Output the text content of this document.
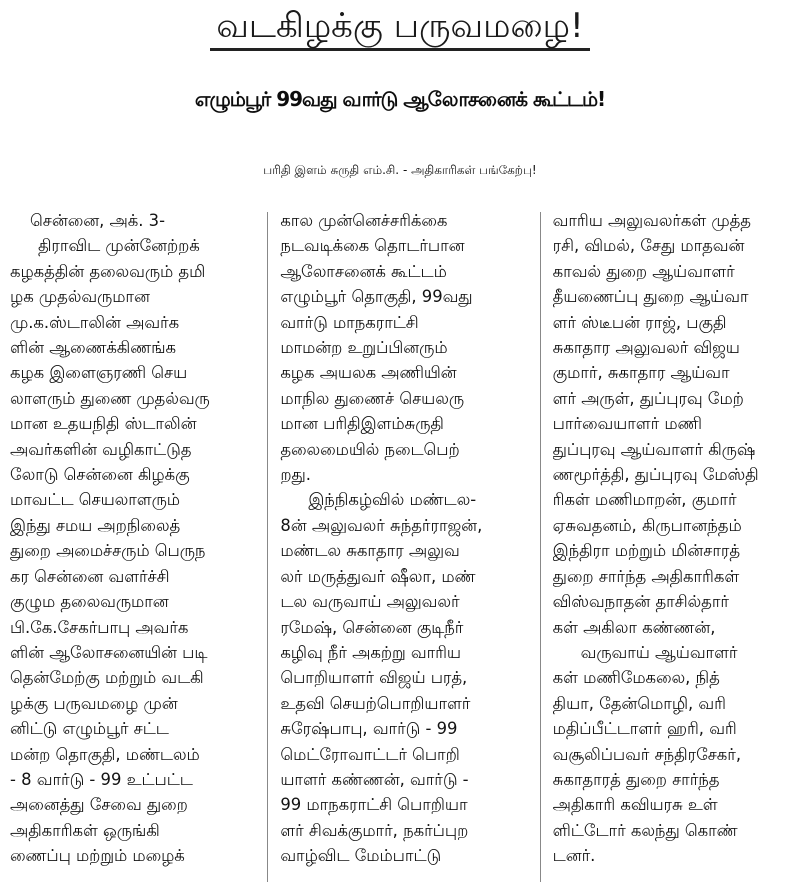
வடகிழக்கு பருவமழை!
எழும்பூர் 99வது வார்டு ஆலோசனைக் கூட்டம்!
பரிதி இளம் சுருதி எம்.சி. - அதிகாரிகள் பங்கேற்பு!
சென்னை, அக். 3-
திராவிட முன்னேற்றக்
கழகத்தின் தலைவரும் தமி
ழக முதல்வருமான
மு.க.ஸ்டாலின் அவர்க
ளின் ஆணைக்கிணங்க
கழக இளைஞரணி செய
லாளரும் துணை முதல்வரு
மான உதயநிதி ஸ்டாலின்
அவர்களின் வழிகாட்டுத
லோடு சென்னை கிழக்கு
மாவட்ட செயலாளரும்
இந்து சமய அறநிலைத்
துறை அமைச்சரும் பெருந
கர சென்னை வளர்ச்சி
குழும தலைவருமான
பி.கே.சேகர்பாபு அவர்க
ளின் ஆலோசனையின் படி
தென்மேற்கு மற்றும் வடகி
ழக்கு பருவமழை முன்
னிட்டு எழும்பூர் சட்ட
மன்ற தொகுதி, மண்டலம்
- 8 வார்டு - 99 உட்பட்ட
அனைத்து சேவை துறை
அதிகாரிகள் ஒருங்கி
ணைப்பு மற்றும் மழைக்
கால முன்னெச்சரிக்கை
நடவடிக்கை தொடர்பான
ஆலோசனைக் கூட்டம்
எழும்பூர் தொகுதி, 99வது
வார்டு மாநகராட்சி
மாமன்ற உறுப்பினரும்
கழக அயலக அணியின்
மாநில துணைச் செயலரு
மான பரிதிஇளம்சுருதி
தலைமையில் நடைபெற்
றது.
இந்நிகழ்வில் மண்டல-
8ன் அலுவலர் சுந்தர்ராஜன்,
மண்டல சுகாதார அலுவ
லர் மருத்துவர் ஷீலா, மண்
டல வருவாய் அலுவலர்
ரமேஷ், சென்னை குடிநீர்
கழிவு நீர் அகற்று வாரிய
பொறியாளர் விஜய் பரத்,
உதவி செயற்பொறியாளர்
சுரேஷ்பாபு, வார்டு - 99
மெட்ரோவாட்டர் பொறி
யாளர் கண்ணன், வார்டு -
99 மாநகராட்சி பொறியா
ளர் சிவக்குமார், நகர்ப்புற
வாழ்விட மேம்பாட்டு
வாரிய அலுவலர்கள் முத்த
ரசி, விமல், சேது மாதவன்
காவல் துறை ஆய்வாளர்
தீயணைப்பு துறை ஆய்வா
ளர் ஸ்டீபன் ராஜ், பகுதி
சுகாதார அலுவலர் விஜய
குமார், சுகாதார ஆய்வா
ளர் அருள், துப்புரவு மேற்
பார்வையாளர் மணி
துப்புரவு ஆய்வாளர் கிருஷ்
ணமூர்த்தி, துப்புரவு மேஸ்தி
ரிகள் மணிமாறன், குமார்
ஏசுவதனம், கிருபானந்தம்
இந்திரா மற்றும் மின்சாரத்
துறை சார்ந்த அதிகாரிகள்
விஸ்வநாதன் தாசில்தார்
கள் அகிலா கண்ணன்,
வருவாய் ஆய்வாளர்
கள் மணிமேகலை, நித்
தியா, தேன்மொழி, வரி
மதிப்பீட்டாளர் ஹரி, வரி
வசூலிப்பவர் சந்திரசேகர்,
சுகாதாரத் துறை சார்ந்த
அதிகாரி கவியரசு உள்
ளிட்டோர் கலந்து கொண்
டனர்.
